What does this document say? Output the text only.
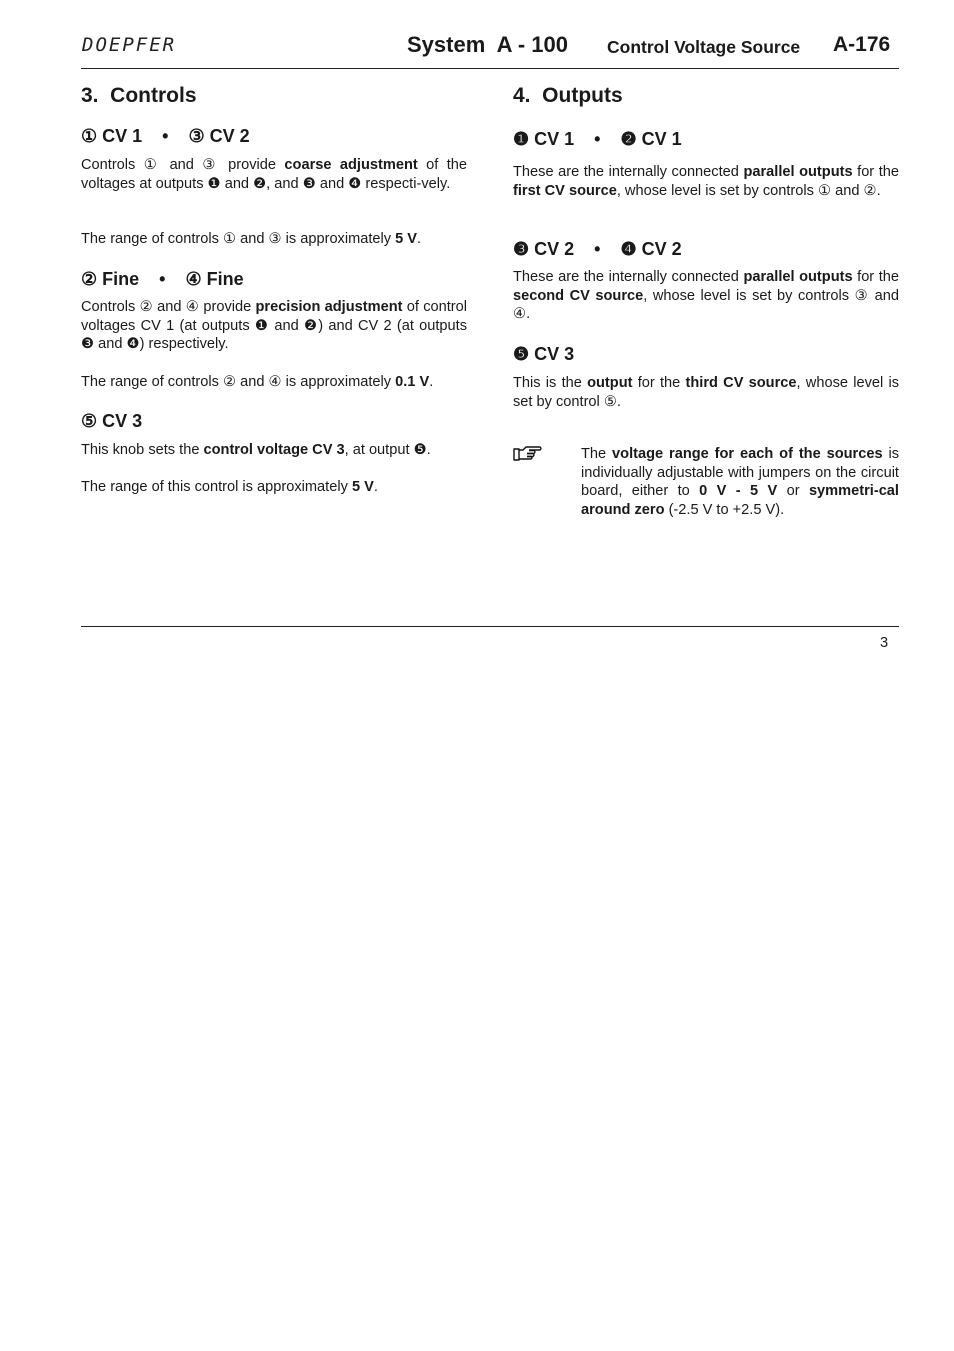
DOEPFER	System  A - 100 Control Voltage Source A-176
3.  Controls
① CV 1    •    ③ CV 2

Controls ① and ③ provide coarse adjustment of the voltages at outputs ❶ and ❷, and ❸ and ❹ respecti-vely.

The range of controls ① and ③ is approximately 5 V.

② Fine    •    ④ Fine

Controls ② and ④ provide precision adjustment of control voltages CV 1 (at outputs ❶ and ❷) and CV 2 (at outputs ❸ and ❹) respectively.

The range of controls ② and ④ is approximately 0.1 V.

⑤ CV 3

This knob sets the control voltage CV 3, at output ❺.

The range of this control is approximately 5 V.

4.  Outputs
❶ CV 1    •    ❷ CV 1

These are the internally connected parallel outputs for the first CV source, whose level is set by controls ① and ②.

❸ CV 2    •    ❹ CV 2

These are the internally connected parallel outputs for the second CV source, whose level is set by controls ③ and ④.

❺ CV 3

This is the output for the third CV source, whose level is set by control ⑤.

The voltage range for each of the sources is individually adjustable with jumpers on the circuit board, either to 0 V - 5 V or symmetri-cal around zero (-2.5 V to +2.5 V).

3
